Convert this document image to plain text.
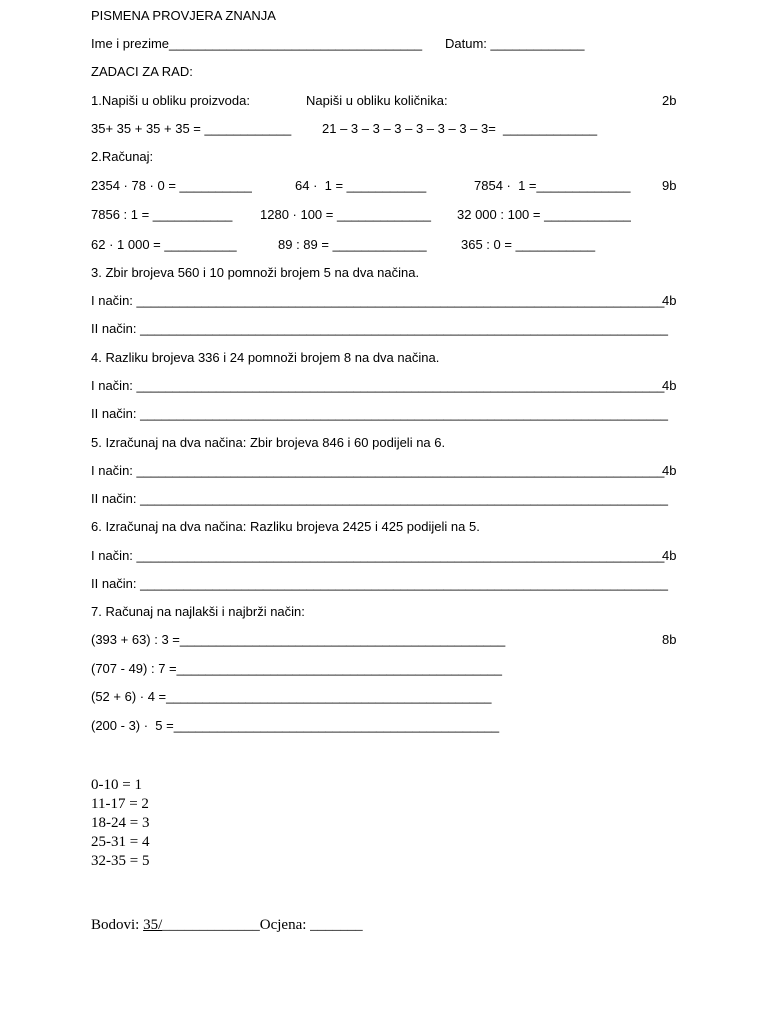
PISMENA PROVJERA ZNANJA
Ime i prezime___________________________________ Datum: _____________
ZADACI ZA RAD:
1.Napiši u obliku proizvoda:	Napiši u obliku količnika:	2b
35+ 35 + 35 + 35 = ____________ 21 – 3 – 3 – 3 – 3 – 3 – 3 – 3=  _____________
2.Računaj:
2354 · 78 · 0 = __________	64 ·  1 = ___________	7854 ·  1 =_____________ 9b
7856 : 1 = ___________ 1280 · 100 = _____________ 32 000 : 100 = ____________
62 · 1 000 = __________	89 : 89 = _____________	365 : 0 = ___________
3. Zbir brojeva 560 i 10 pomnoži brojem 5 na dva načina.
I način: _________________________________________________________________________
4b
II način: _________________________________________________________________________
4. Razliku brojeva 336 i 24 pomnoži brojem 8 na dva načina.
I način: _________________________________________________________________________
4b
II način: _________________________________________________________________________
5. Izračunaj na dva načina: Zbir brojeva 846 i 60 podijeli na 6.
I način: _________________________________________________________________________
4b
II način: _________________________________________________________________________
6. Izračunaj na dva načina: Razliku brojeva 2425 i 425 podijeli na 5.
I način: _________________________________________________________________________
4b
II način: _________________________________________________________________________
7. Računaj na najlakši i najbrži način:
(393 + 63) : 3 =_____________________________________________	8b
(707 - 49) : 7 =_____________________________________________
(52 + 6) · 4 =_____________________________________________
(200 - 3) ·  5 =_____________________________________________
0-10 = 1
11-17 = 2
18-24 = 3
25-31 = 4
32-35 = 5
Bodovi: 35/_____________Ocjena: _______
